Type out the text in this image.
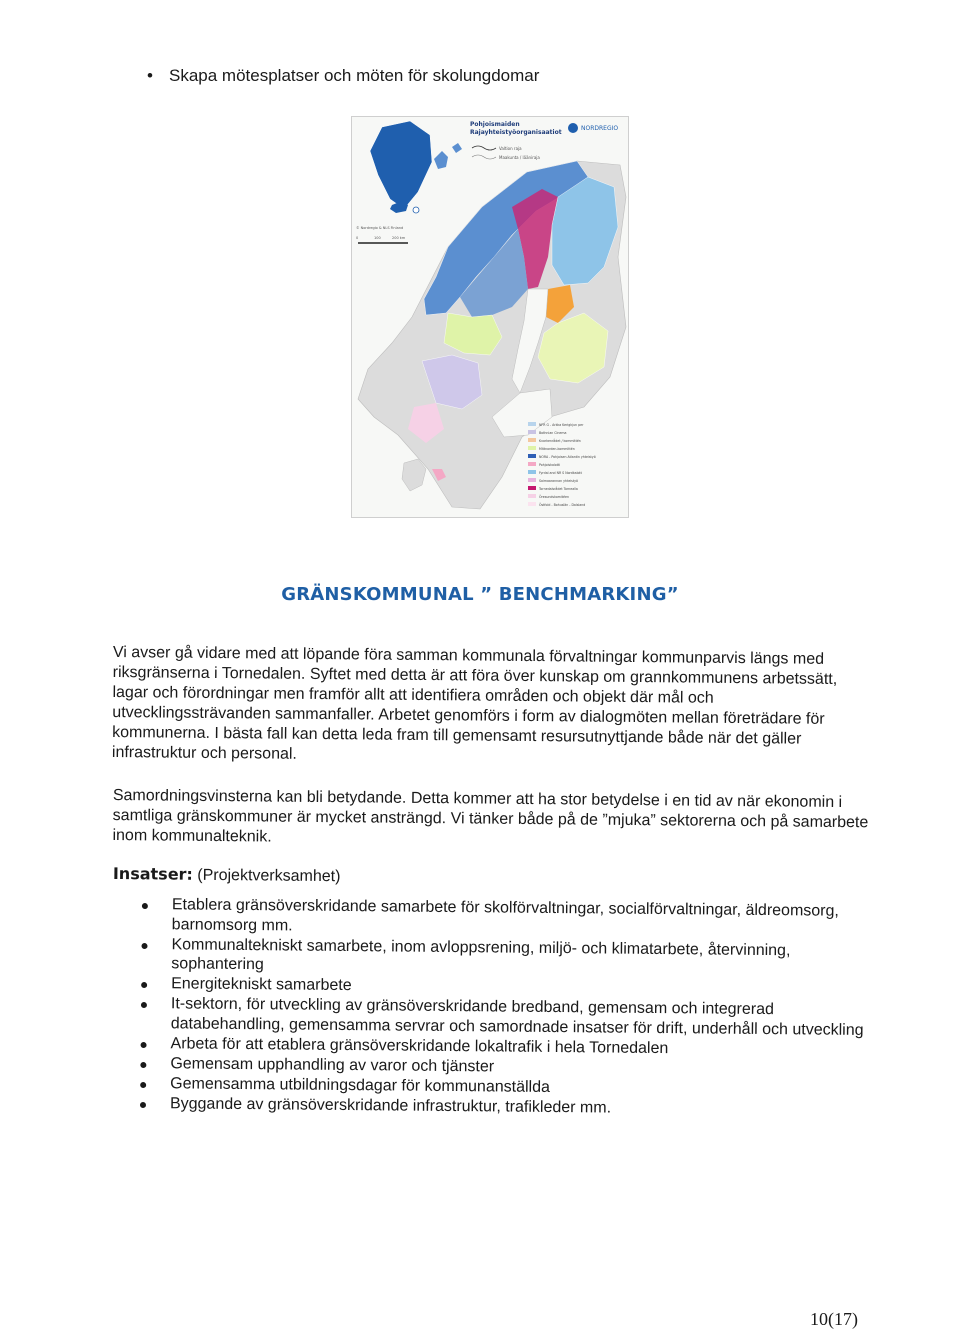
• Skapa mötesplatser och möten för skolungdomar
Pohjoismaiden
Rajayhteistyöorganisaatiot
NORDREGIO
Valtion raja
Maakunta / lääniraja
© Nordregio & NLS Finland
0	100	200 km
NFR G - Arkka Kerigkjun per
Bothnian Cinema
Kvarkenrådet / kommittén
Mittnorden-kommittén
NORA - Pohjoisen Atlantin yhteistyö
Pohjoiskalotti
Fyrdal and NR S Nordkalott
Saimaarannan yhteistyö
Tornedalsrådet Tornealla
Öresundskomitéen
Östfold - Bohuslän - Dalsland
GRÄNSKOMMUNAL ” BENCHMARKING”
Vi avser gå vidare med att löpande föra samman kommunala förvaltningar kommunparvis längs med riksgränserna i Tornedalen. Syftet med detta är att föra över kunskap om grannkommunens arbetssätt, lagar och förordningar men framför allt att identifiera områden och objekt där mål och utvecklingssträvanden sammanfaller. Arbetet genomförs i form av dialogmöten mellan företrädare för kommunerna. I bästa fall kan detta leda fram till gemensamt resursutnyttjande både när det gäller infrastruktur och personal.
Samordningsvinsterna kan bli betydande. Detta kommer att ha stor betydelse i en tid av när ekonomin i samtliga gränskommuner är mycket ansträngd. Vi tänker både på de ”mjuka” sektorerna och på samarbete inom kommunalteknik.
Insatser: (Projektverksamhet)
Etablera gränsöverskridande samarbete för skolförvaltningar, socialförvaltningar, äldreomsorg, barnomsorg mm.
Kommunaltekniskt samarbete, inom avloppsrening, miljö- och klimatarbete, återvinning, sophantering
Energitekniskt samarbete
It-sektorn, för utveckling av gränsöverskridande bredband, gemensam och integrerad databehandling, gemensamma servrar och samordnade insatser för drift, underhåll och utveckling
Arbeta för att etablera gränsöverskridande lokaltrafik i hela Tornedalen
Gemensam upphandling av varor och tjänster
Gemensamma utbildningsdagar för kommunanställda
Byggande av gränsöverskridande infrastruktur, trafikleder mm.
10(17)
